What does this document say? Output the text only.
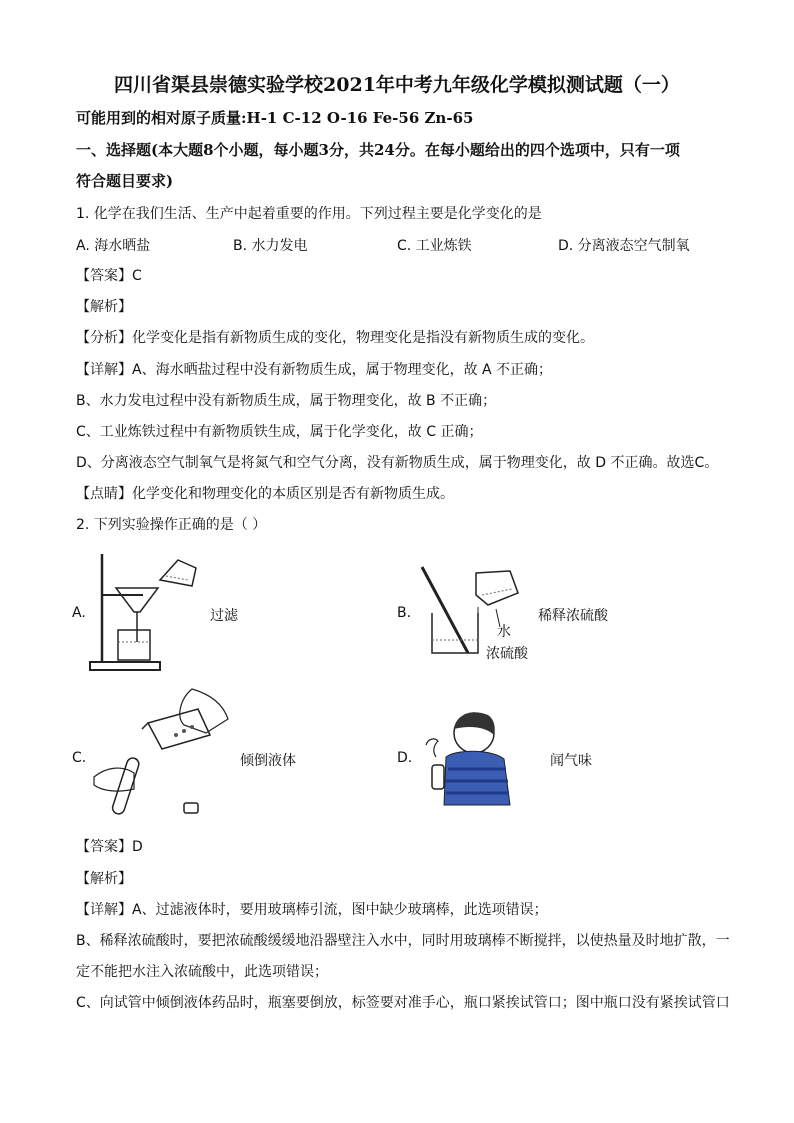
四川省渠县崇德实验学校2021年中考九年级化学模拟测试题（一）
可能用到的相对原子质量:H-1 C-12 O-16 Fe-56 Zn-65
一、选择题(本大题8个小题，每小题3分，共24分。在每小题给出的四个选项中，只有一项
符合题目要求)
1. 化学在我们生活、生产中起着重要的作用。下列过程主要是化学变化的是
A. 海水晒盐	B. 水力发电	C. 工业炼铁	D. 分离液态空气制氧
【答案】C
【解析】
【分析】化学变化是指有新物质生成的变化，物理变化是指没有新物质生成的变化。
【详解】A、海水晒盐过程中没有新物质生成，属于物理变化，故 A 不正确；
B、水力发电过程中没有新物质生成，属于物理变化，故 B 不正确；
C、工业炼铁过程中有新物质铁生成，属于化学变化，故 C 正确；
D、分离液态空气制氧气是将氮气和空气分离，没有新物质生成，属于物理变化，故 D 不正确。故选C。
【点睛】化学变化和物理变化的本质区别是否有新物质生成。
2. 下列实验操作正确的是（ ）
A.	过滤	B.
水
浓硫酸
稀释浓硫酸
C.	倾倒液体	D.	闻气味
【答案】D
【解析】
【详解】A、过滤液体时，要用玻璃棒引流，图中缺少玻璃棒，此选项错误；
B、稀释浓硫酸时，要把浓硫酸缓缓地沿器壁注入水中，同时用玻璃棒不断搅拌，以使热量及时地扩散，一
定不能把水注入浓硫酸中，此选项错误；
C、向试管中倾倒液体药品时，瓶塞要倒放，标签要对准手心，瓶口紧挨试管口；图中瓶口没有紧挨试管口
